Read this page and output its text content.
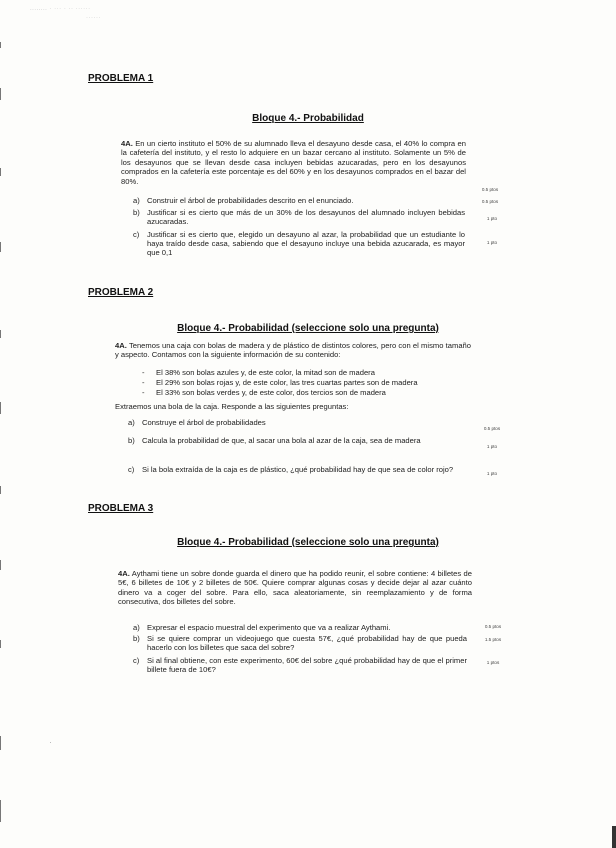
........ · ··· · ·· ······
······
PROBLEMA 1
Bloque 4.- Probabilidad
4A. En un cierto instituto el 50% de su alumnado lleva el desayuno desde casa, el 40% lo compra en la cafetería del instituto, y el resto lo adquiere en un bazar cercano al instituto. Solamente un 5% de los desayunos que se llevan desde casa incluyen bebidas azucaradas, pero en los desayunos comprados en la cafetería este porcentaje es del 60% y en los desayunos comprados en el bazar del 80%.
0.5 ptos
a) Construir el árbol de probabilidades descrito en el enunciado.	0.5 ptos
b) Justificar si es cierto que más de un 30% de los desayunos del alumnado incluyen bebidas azucaradas.	1 pto
c)	Justificar si es cierto que, elegido un desayuno al azar, la probabilidad que un estudiante lo haya traído desde casa, sabiendo que el desayuno incluye una bebida azucarada, es mayor que 0,1
1 pto
PROBLEMA 2
Bloque 4.- Probabilidad (seleccione solo una pregunta)
4A. Tenemos una caja con bolas de madera y de plástico de distintos colores, pero con el mismo tamaño y aspecto. Contamos con la siguiente información de su contenido:
-	El 38% son bolas azules y, de este color, la mitad son de madera
-	El 29% son bolas rojas y, de este color, las tres cuartas partes son de madera
-	El 33% son bolas verdes y, de este color, dos tercios son de madera
Extraemos una bola de la caja. Responde a las siguientes preguntas:
a) Construye el árbol de probabilidades
0.5 ptos
b) Calcula la probabilidad de que, al sacar una bola al azar de la caja, sea de madera
1 pto
c)	Si la bola extraída de la caja es de plástico, ¿qué probabilidad hay de que sea de color rojo?	1 pto
PROBLEMA 3
Bloque 4.- Probabilidad (seleccione solo una pregunta)
4A. Aythami tiene un sobre donde guarda el dinero que ha podido reunir, el sobre contiene: 4 billetes de 5€, 6 billetes de 10€ y 2 billetes de 50€. Quiere comprar algunas cosas y decide dejar al azar cuánto dinero va a coger del sobre. Para ello, saca aleatoriamente, sin reemplazamiento y de forma consecutiva, dos billetes del sobre.
a) Expresar el espacio muestral del experimento que va a realizar Aythami.	0.5 ptos
b) Si se quiere comprar un videojuego que cuesta 57€, ¿qué probabilidad hay de que pueda hacerlo con los billetes que saca del sobre?
1.5 ptos
c)	Si al final obtiene, con este experimento, 60€ del sobre ¿qué probabilidad hay de que el primer billete fuera de 10€?
1 ptos
